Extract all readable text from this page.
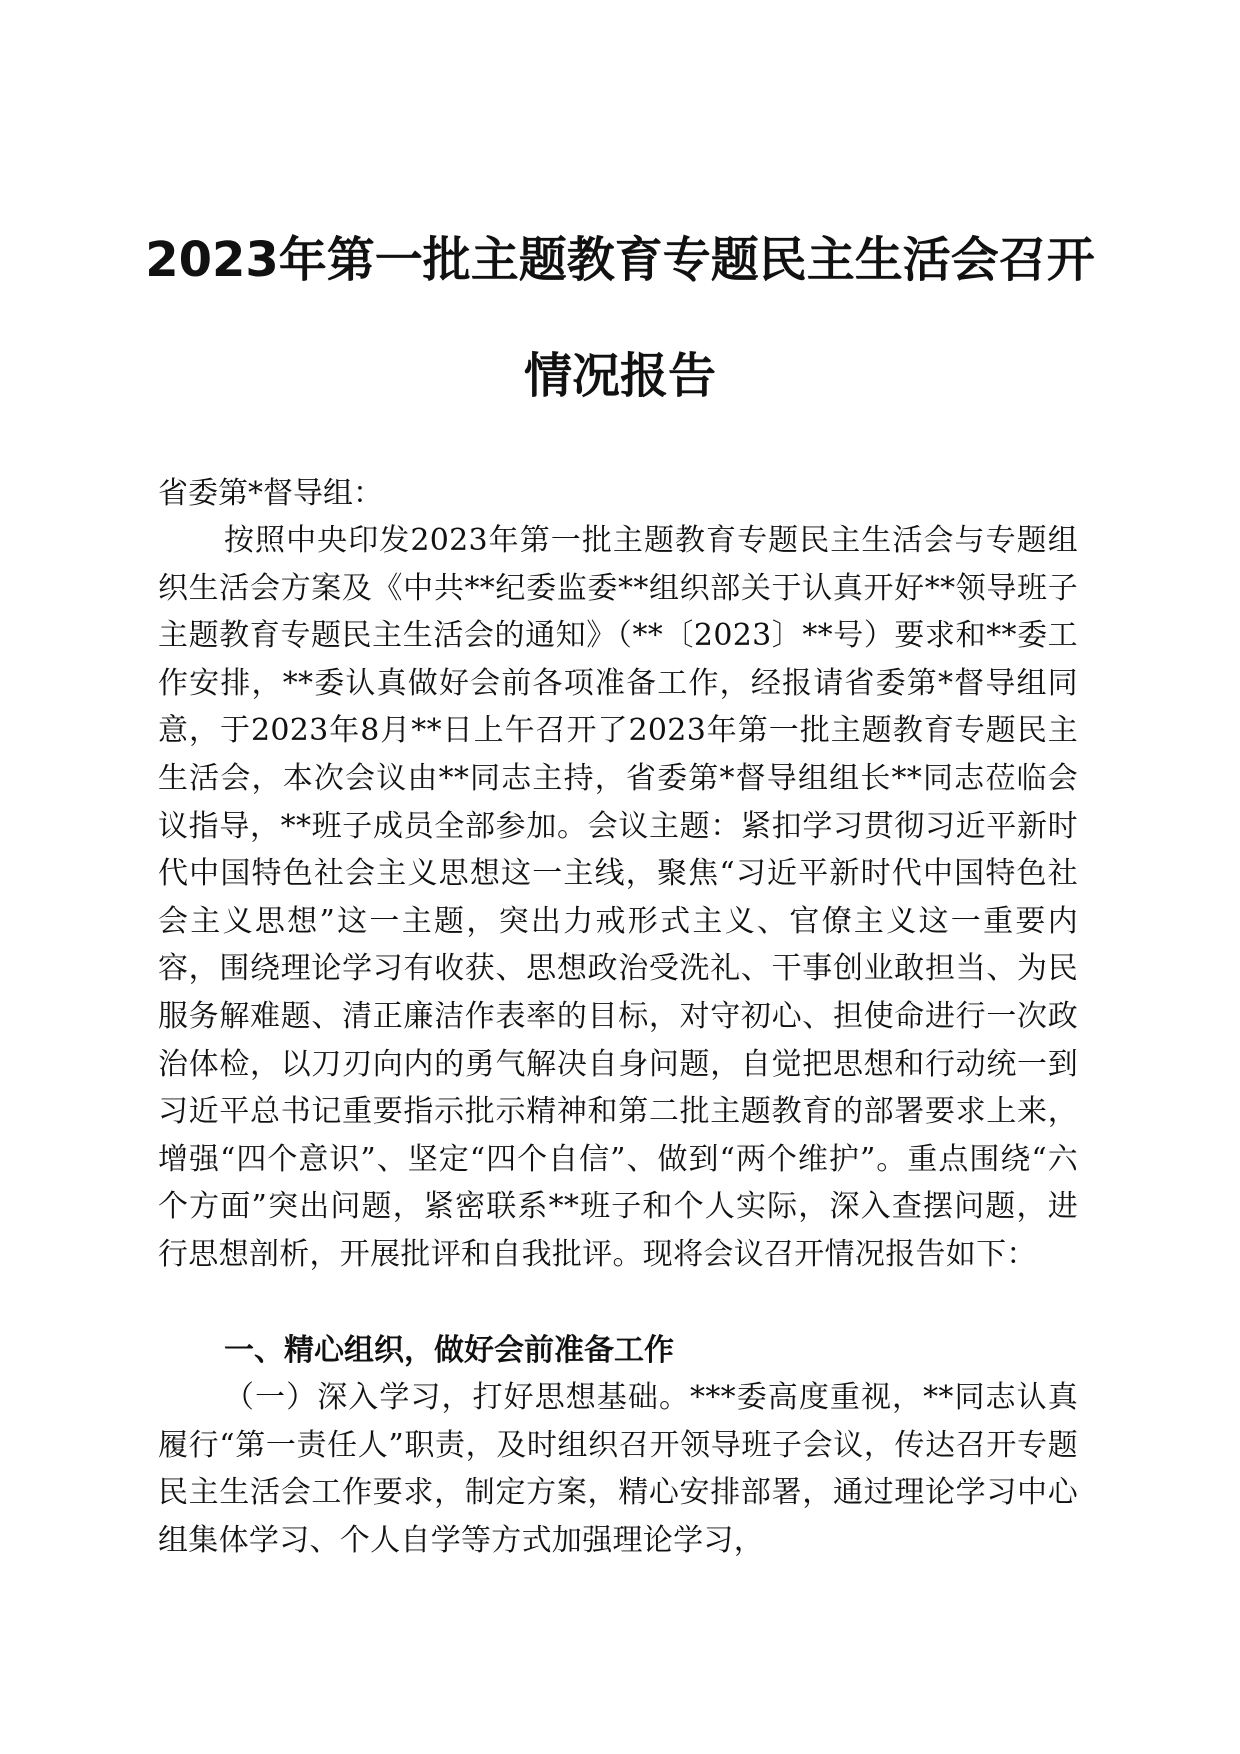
2023年第一批主题教育专题民主生活会召开
情况报告
省委第*督导组：
按照中央印发2023年第一批主题教育专题民主生活会与专题组织生活会方案及《中共**纪委监委**组织部关于认真开好**领导班子主题教育专题民主生活会的通知》（**〔2023〕**号）要求和**委工作安排，**委认真做好会前各项准备工作，经报请省委第*督导组同意，于2023年8月**日上午召开了2023年第一批主题教育专题民主生活会，本次会议由**同志主持，省委第*督导组组长**同志莅临会议指导，**班子成员全部参加。会议主题：紧扣学习贯彻习近平新时代中国特色社会主义思想这一主线，聚焦“习近平新时代中国特色社会主义思想”这一主题，突出力戒形式主义、官僚主义这一重要内容，围绕理论学习有收获、思想政治受洗礼、干事创业敢担当、为民服务解难题、清正廉洁作表率的目标，对守初心、担使命进行一次政治体检，以刀刃向内的勇气解决自身问题，自觉把思想和行动统一到习近平总书记重要指示批示精神和第二批主题教育的部署要求上来，增强“四个意识”、坚定“四个自信”、做到“两个维护”。重点围绕“六个方面”突出问题，紧密联系**班子和个人实际，深入查摆问题，进行思想剖析，开展批评和自我批评。现将会议召开情况报告如下：
一、精心组织，做好会前准备工作
（一）深入学习，打好思想基础。***委高度重视，**同志认真履行“第一责任人”职责，及时组织召开领导班子会议，传达召开专题民主生活会工作要求，制定方案，精心安排部署，通过理论学习中心组集体学习、个人自学等方式加强理论学习，
